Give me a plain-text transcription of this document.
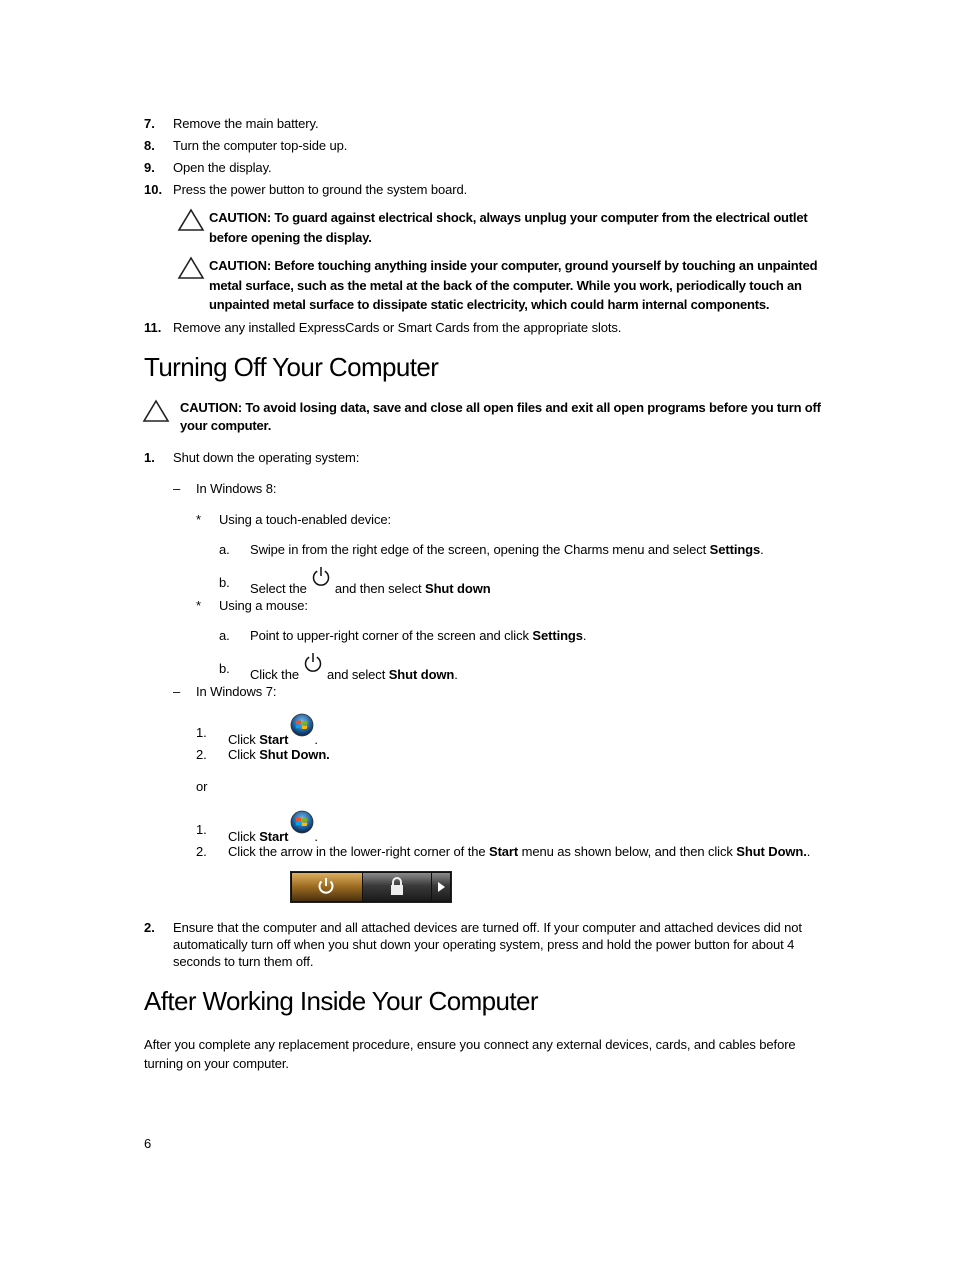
7. Remove the main battery.
8. Turn the computer top-side up.
9. Open the display.
10. Press the power button to ground the system board.
CAUTION: To guard against electrical shock, always unplug your computer from the electrical outlet before opening the display.
CAUTION: Before touching anything inside your computer, ground yourself by touching an unpainted metal surface, such as the metal at the back of the computer. While you work, periodically touch an unpainted metal surface to dissipate static electricity, which could harm internal components.
11. Remove any installed ExpressCards or Smart Cards from the appropriate slots.
Turning Off Your Computer
CAUTION: To avoid losing data, save and close all open files and exit all open programs before you turn off your computer.
1. Shut down the operating system:
– In Windows 8:
* Using a touch-enabled device:
a. Swipe in from the right edge of the screen, opening the Charms menu and select Settings.
b. Select the and then select Shut down
* Using a mouse:
a. Point to upper-right corner of the screen and click Settings.
b. Click the and select Shut down.
– In Windows 7:
1. Click Start .
2. Click Shut Down.
or
1. Click Start .
2. Click the arrow in the lower-right corner of the Start menu as shown below, and then click Shut Down..
2. Ensure that the computer and all attached devices are turned off. If your computer and attached devices did not
automatically turn off when you shut down your operating system, press and hold the power button for about 4
seconds to turn them off.
After Working Inside Your Computer
After you complete any replacement procedure, ensure you connect any external devices, cards, and cables before
turning on your computer.
6
